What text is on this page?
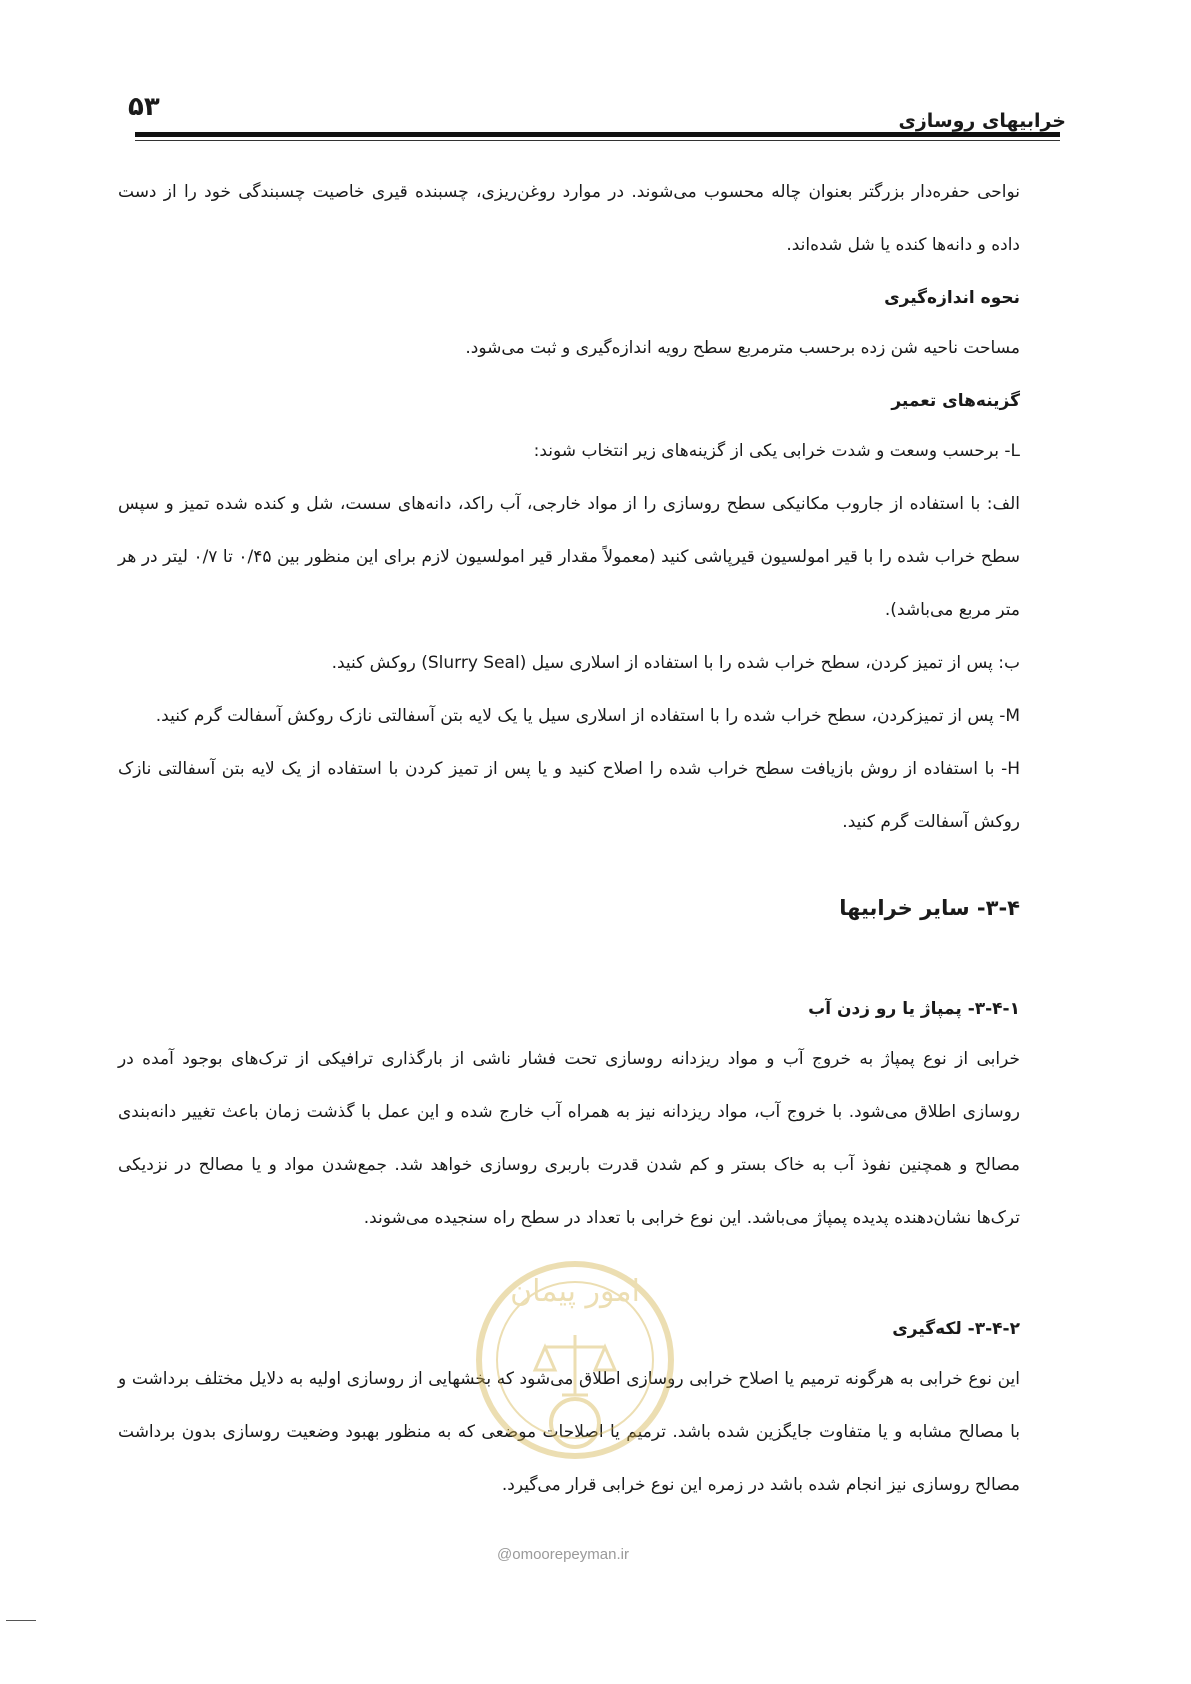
۵۳	خرابیهای روسازی

نواحی حفره‌دار بزرگتر بعنوان چاله محسوب می‌شوند. در موارد روغن‌ریزی، چسبنده قیری خاصیت چسبندگی خود را از دست داده و دانه‌ها کنده یا شل شده‌اند.

نحوه اندازه‌گیری

مساحت ناحیه شن زده برحسب مترمربع سطح رویه اندازه‌گیری و ثبت می‌شود.

گزینه‌های تعمیر

L- برحسب وسعت و شدت خرابی یکی از گزینه‌های زیر انتخاب شوند:

الف: با استفاده از جاروب مکانیکی سطح روسازی را از مواد خارجی، آب راکد، دانه‌های سست، شل و کنده شده تمیز و سپس سطح خراب شده را با قیر امولسیون قیرپاشی کنید (معمولاً مقدار قیر امولسیون لازم برای این منظور بین ۰/۴۵ تا ۰/۷ لیتر در هر متر مربع می‌باشد).

ب: پس از تمیز کردن، سطح خراب شده را با استفاده از اسلاری سیل (Slurry Seal) روکش کنید.

M- پس از تمیزکردن، سطح خراب شده را با استفاده از اسلاری سیل یا یک لایه بتن آسفالتی نازک روکش آسفالت گرم کنید.

H- با استفاده از روش بازیافت سطح خراب شده را اصلاح کنید و یا پس از تمیز کردن با استفاده از یک لایه بتن آسفالتی نازک روکش آسفالت گرم کنید.

۳-۴- سایر خرابیها

۳-۴-۱- پمپاژ یا رو زدن آب

خرابی از نوع پمپاژ به خروج آب و مواد ریزدانه روسازی تحت فشار ناشی از بارگذاری ترافیکی از ترک‌های بوجود آمده در روسازی اطلاق می‌شود. با خروج آب، مواد ریزدانه نیز به همراه آب خارج شده و این عمل با گذشت زمان باعث تغییر دانه‌بندی مصالح و همچنین نفوذ آب به خاک بستر و کم شدن قدرت باربری روسازی خواهد شد. جمع‌شدن مواد و یا مصالح در نزدیکی ترک‌ها نشان‌دهنده پدیده پمپاژ می‌باشد. این نوع خرابی با تعداد در سطح راه سنجیده می‌شوند.

۳-۴-۲- لکه‌گیری

این نوع خرابی به هرگونه ترمیم یا اصلاح خرابی روسازی اطلاق می‌شود که بخشهایی از روسازی اولیه به دلایل مختلف برداشت و با مصالح مشابه و یا متفاوت جایگزین شده باشد. ترمیم یا اصلاحات موضعی که به منظور بهبود وضعیت روسازی بدون برداشت مصالح روسازی نیز انجام شده باشد در زمره این نوع خرابی قرار می‌گیرد.

امور پیمان
@omoorepeyman.ir
